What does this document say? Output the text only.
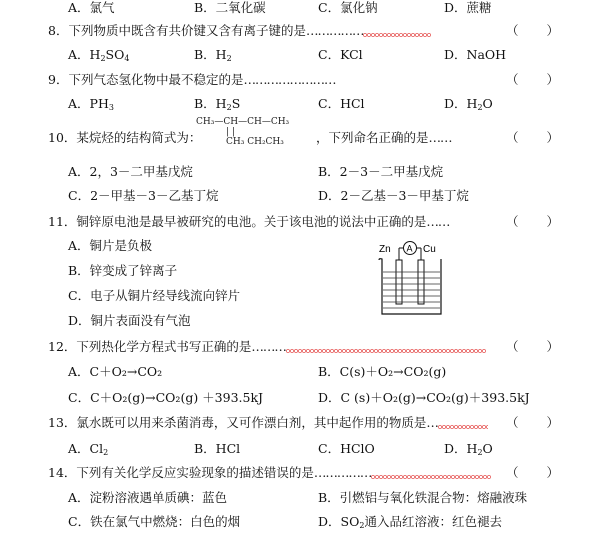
A．氯气	B．二氧化碳	C．氯化钠	D．蔗糖
8．下列物质中既含有共价键又含有离子键的是……………	（ ）
A．$H_2SO_4$	B．$H_2$	C．KCl	D．NaOH
9．下列气态氢化物中最不稳定的是……………………	（ ）
A．$PH_3$	B．$H_2S$	C．HCl	D．$H_2O$
CH₃—CH—CH—CH₃
| |
CH₃ CH₂CH₃
10．某烷烃的结构简式为：	，下列命名正确的是……	（ ）
A．2，3－二甲基戊烷	B．2－3－二甲基戊烷
C．2－甲基－3－乙基丁烷	D．2－乙基－3－甲基丁烷
11．铜锌原电池是最早被研究的电池。关于该电池的说法中正确的是……	（ ）
A．铜片是负极
B．锌变成了锌离子
C．电子从铜片经导线流向锌片
D．铜片表面没有气泡
Zn A Cu
12．下列热化学方程式书写正确的是………	（ ）
A．C＋O₂→CO₂	B．C(s)＋O₂→CO₂(g)
C．C＋O₂(g)→CO₂(g) ＋393.5kJ	D．C (s)＋O₂(g)→CO₂(g)＋393.5kJ
13．氯水既可以用来杀菌消毒，又可作漂白剂，其中起作用的物质是…	（ ）
A．$Cl_2$	B．HCl	C．HClO	D．$H_2O$
14．下列有关化学反应实验现象的描述错误的是……………	（ ）
A．淀粉溶液遇单质碘：蓝色	B．引燃铝与氧化铁混合物：熔融液珠
C．铁在氯气中燃烧：白色的烟	D．$SO_2$通入品红溶液：红色褪去
